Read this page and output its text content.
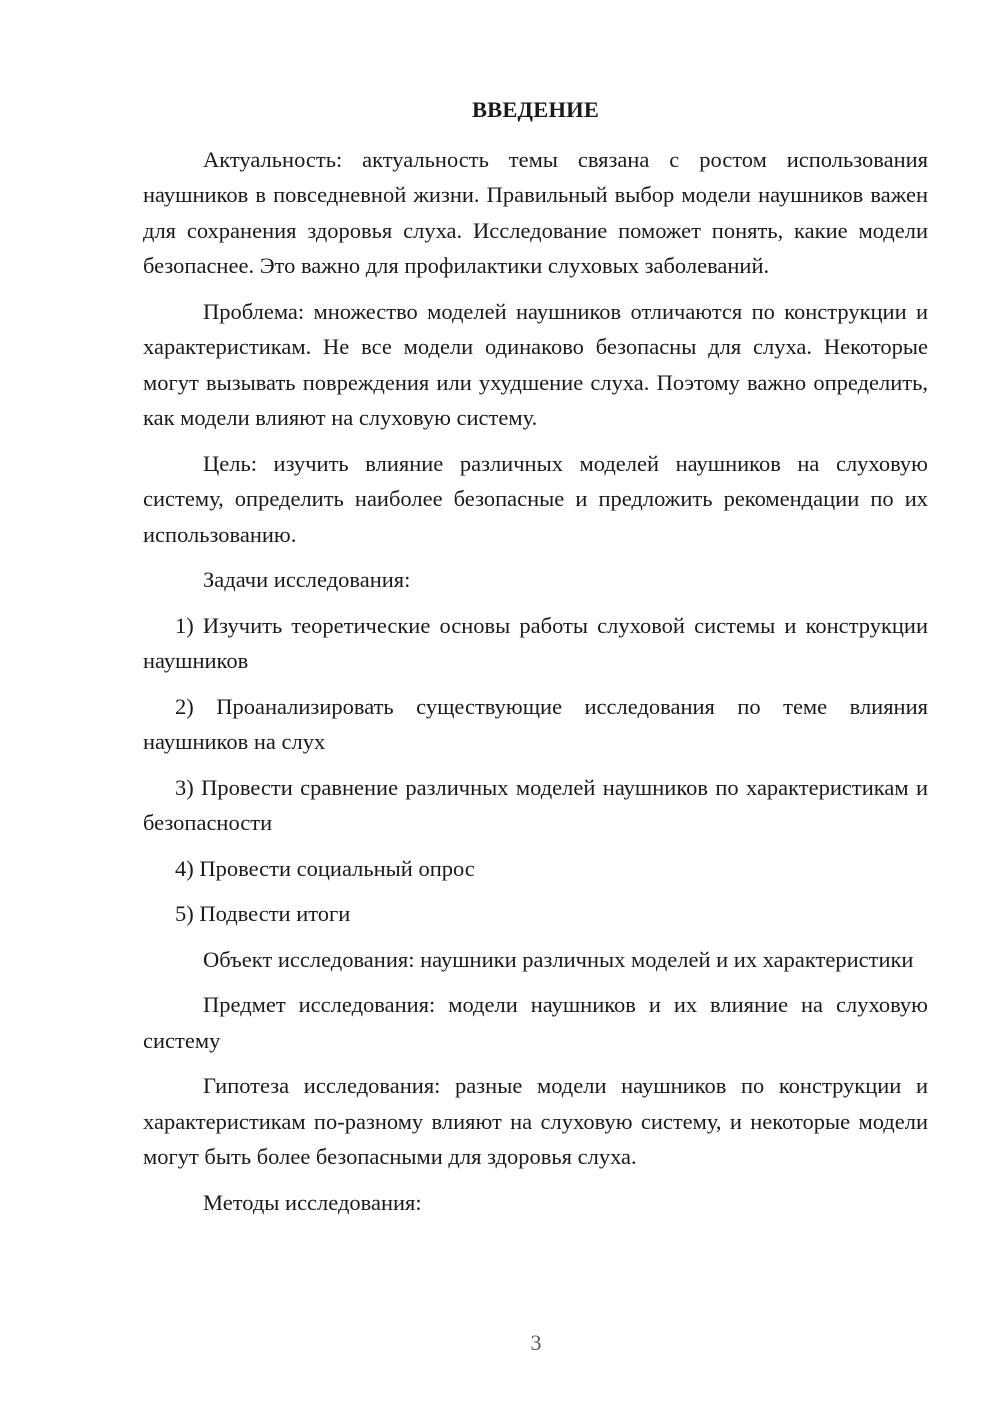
ВВЕДЕНИЕ

Актуальность: актуальность темы связана с ростом использования наушников в повседневной жизни. Правильный выбор модели наушников важен для сохранения здоровья слуха. Исследование поможет понять, какие модели безопаснее. Это важно для профилактики слуховых заболеваний.

Проблема: множество моделей наушников отличаются по конструкции и характеристикам. Не все модели одинаково безопасны для слуха. Некоторые могут вызывать повреждения или ухудшение слуха. Поэтому важно определить, как модели влияют на слуховую систему.

Цель: изучить влияние различных моделей наушников на слуховую систему, определить наиболее безопасные и предложить рекомендации по их использованию.

Задачи исследования:

1) Изучить теоретические основы работы слуховой системы и конструкции наушников

2) Проанализировать существующие исследования по теме влияния наушников на слух

3) Провести сравнение различных моделей наушников по характеристикам и безопасности

4) Провести социальный опрос

5) Подвести итоги

Объект исследования: наушники различных моделей и их характеристики

Предмет исследования: модели наушников и их влияние на слуховую систему

Гипотеза исследования: разные модели наушников по конструкции и характеристикам по-разному влияют на слуховую систему, и некоторые модели могут быть более безопасными для здоровья слуха.

Методы исследования:

3
